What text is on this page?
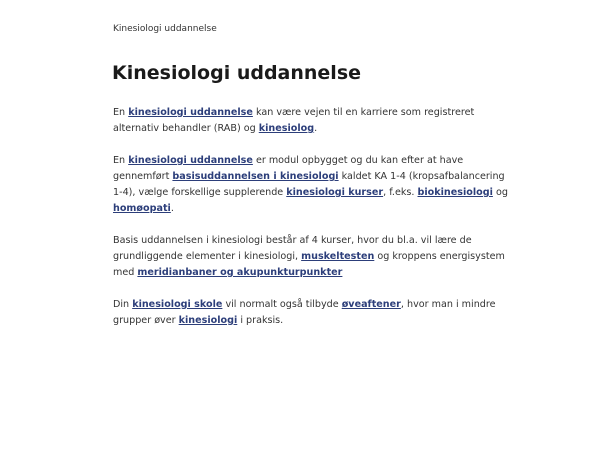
Kinesiologi uddannelse
Kinesiologi uddannelse

En kinesiologi uddannelse kan være vejen til en karriere som registreret alternativ behandler (RAB) og kinesiolog.

En kinesiologi uddannelse er modul opbygget og du kan efter at have gennemført basisuddannelsen i kinesiologi kaldet KA 1-4 (kropsafbalancering 1-4), vælge forskellige supplerende kinesiologi kurser, f.eks. biokinesiologi og homøopati.

Basis uddannelsen i kinesiologi består af 4 kurser, hvor du bl.a. vil lære de grundliggende elementer i kinesiologi, muskeltesten og kroppens energisystem med meridianbaner og akupunkturpunkter

Din kinesiologi skole vil normalt også tilbyde øveaftener, hvor man i mindre grupper øver kinesiologi i praksis.
